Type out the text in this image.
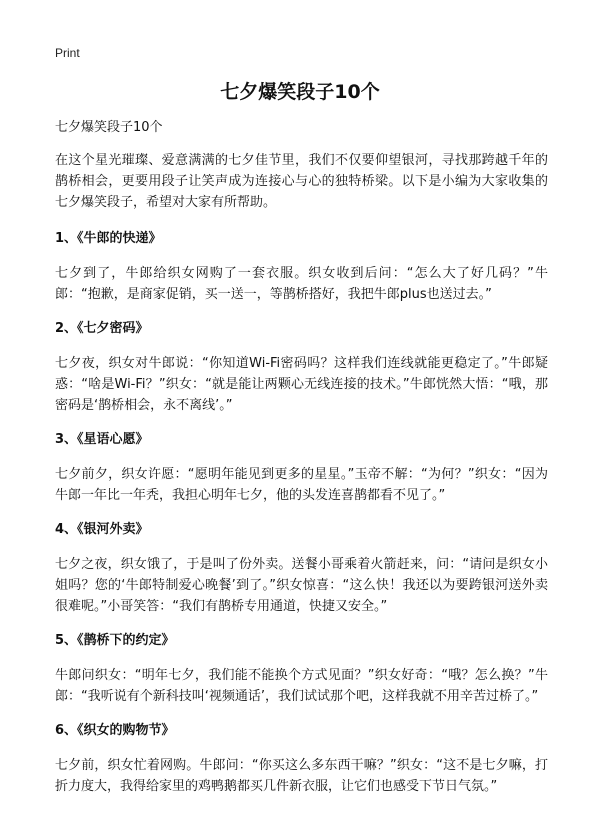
Print
七夕爆笑段子10个

七夕爆笑段子10个

在这个星光璀璨、爱意满满的七夕佳节里，我们不仅要仰望银河，寻找那跨越千年的鹊桥相会，更要用段子让笑声成为连接心与心的独特桥梁。以下是小编为大家收集的七夕爆笑段子，希望对大家有所帮助。

1、《牛郎的快递》

七夕到了，牛郎给织女网购了一套衣服。织女收到后问：“怎么大了好几码？”牛郎：“抱歉，是商家促销，买一送一，等鹊桥搭好，我把牛郎plus也送过去。”

2、《七夕密码》

七夕夜，织女对牛郎说：“你知道Wi-Fi密码吗？这样我们连线就能更稳定了。”牛郎疑惑：“啥是Wi-Fi？”织女：“就是能让两颗心无线连接的技术。”牛郎恍然大悟：“哦，那密码是‘鹊桥相会，永不离线’。”

3、《星语心愿》

七夕前夕，织女许愿：“愿明年能见到更多的星星。”玉帝不解：“为何？”织女：“因为牛郎一年比一年秃，我担心明年七夕，他的头发连喜鹊都看不见了。”

4、《银河外卖》

七夕之夜，织女饿了，于是叫了份外卖。送餐小哥乘着火箭赶来，问：“请问是织女小姐吗？您的‘牛郎特制爱心晚餐’到了。”织女惊喜：“这么快！我还以为要跨银河送外卖很难呢。”小哥笑答：“我们有鹊桥专用通道，快捷又安全。”

5、《鹊桥下的约定》

牛郎问织女：“明年七夕，我们能不能换个方式见面？”织女好奇：“哦？怎么换？”牛郎：“我听说有个新科技叫‘视频通话’，我们试试那个吧，这样我就不用辛苦过桥了。”

6、《织女的购物节》

七夕前，织女忙着网购。牛郎问：“你买这么多东西干嘛？”织女：“这不是七夕嘛，打折力度大，我得给家里的鸡鸭鹅都买几件新衣服，让它们也感受下节日气氛。”
